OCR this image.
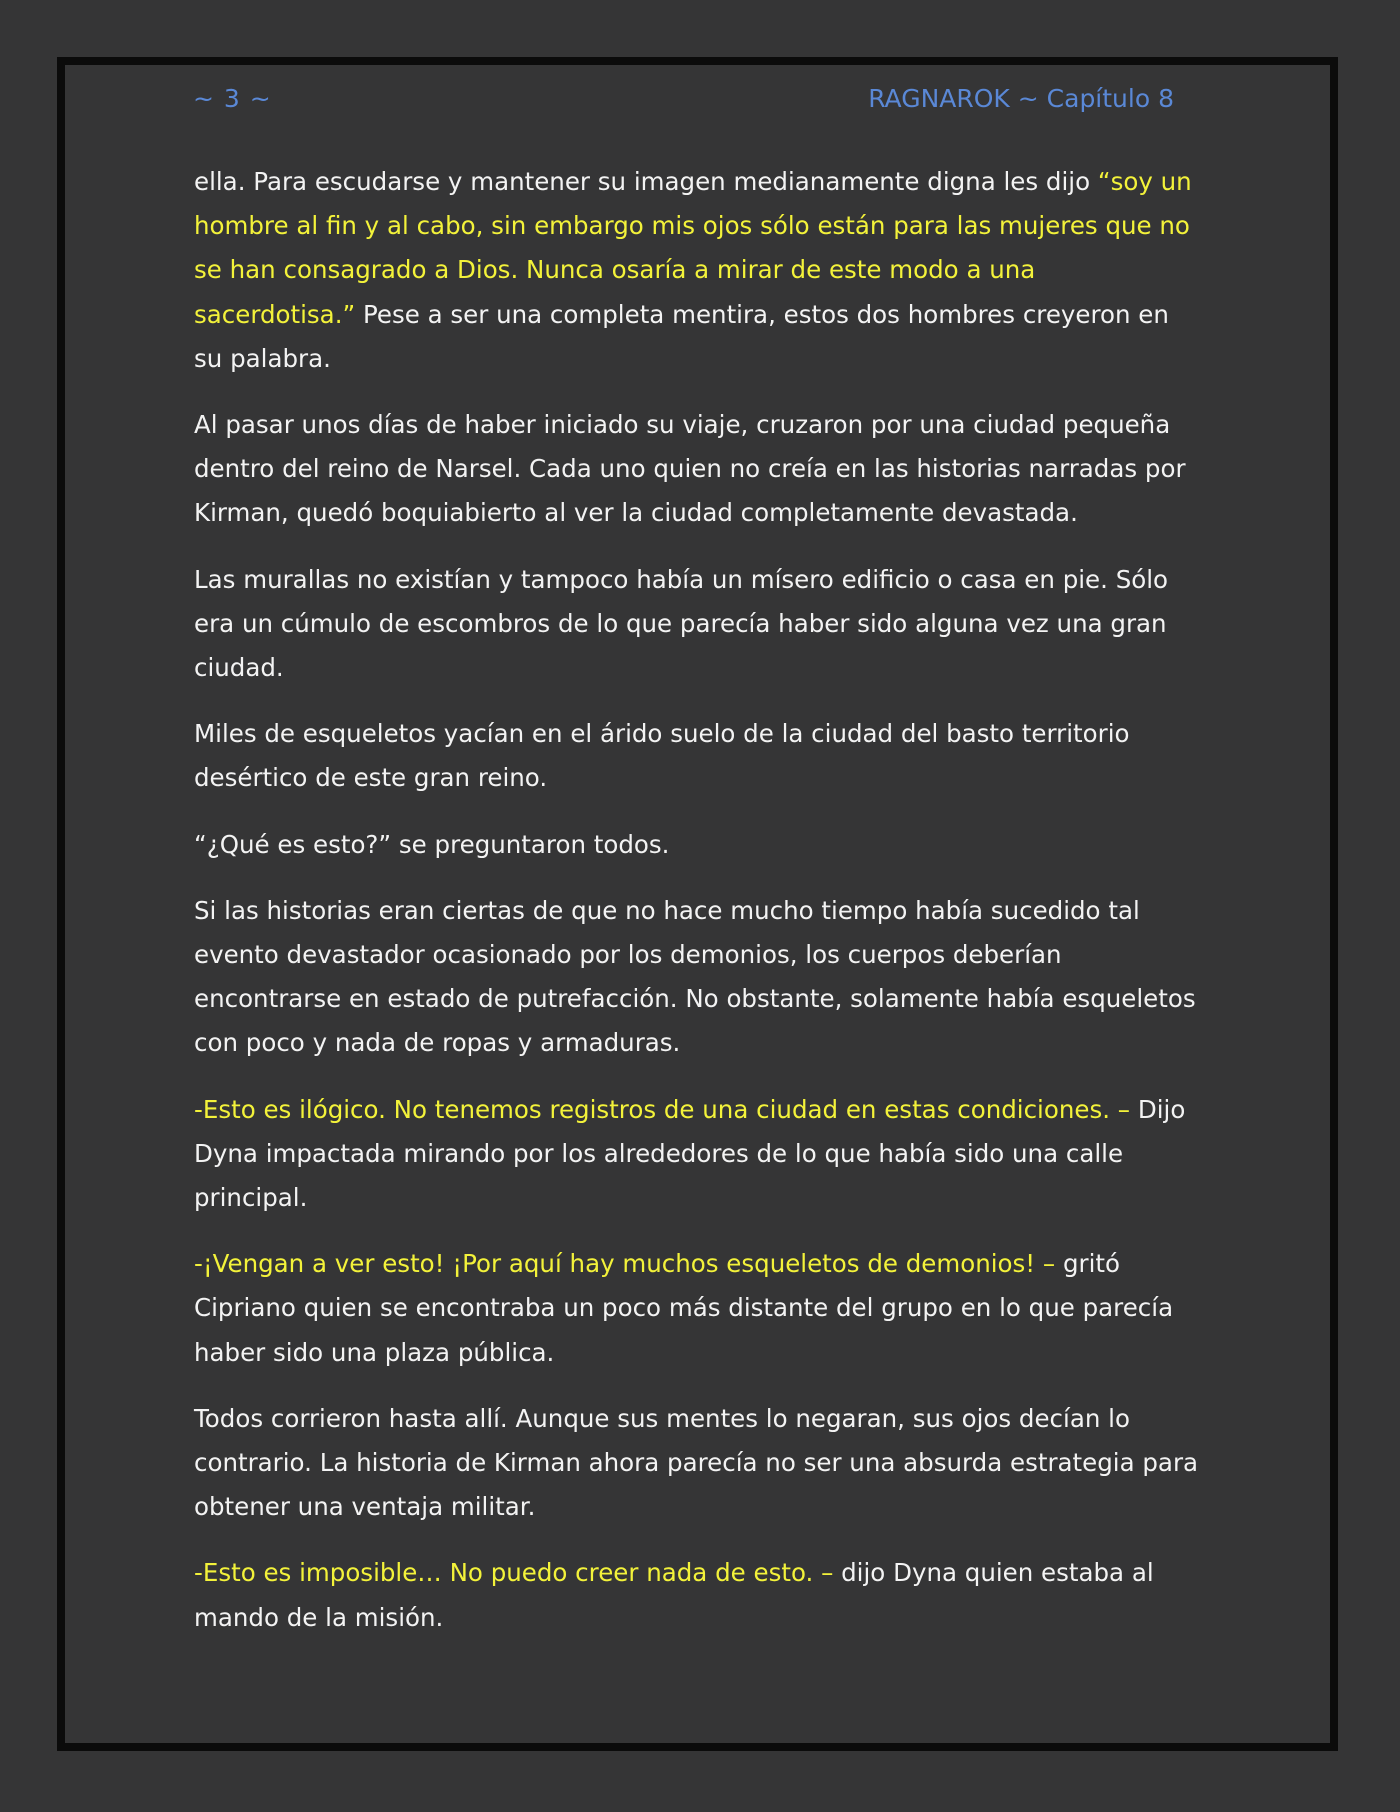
~ 3 ~	RAGNAROK ~ Capítulo 8

ella. Para escudarse y mantener su imagen medianamente digna les dijo “soy un hombre al fin y al cabo, sin embargo mis ojos sólo están para las mujeres que no se han consagrado a Dios. Nunca osaría a mirar de este modo a una sacerdotisa.” Pese a ser una completa mentira, estos dos hombres creyeron en su palabra.

Al pasar unos días de haber iniciado su viaje, cruzaron por una ciudad pequeña dentro del reino de Narsel. Cada uno quien no creía en las historias narradas por Kirman, quedó boquiabierto al ver la ciudad completamente devastada.

Las murallas no existían y tampoco había un mísero edificio o casa en pie. Sólo era un cúmulo de escombros de lo que parecía haber sido alguna vez una gran ciudad.

Miles de esqueletos yacían en el árido suelo de la ciudad del basto territorio desértico de este gran reino.

“¿Qué es esto?” se preguntaron todos.

Si las historias eran ciertas de que no hace mucho tiempo había sucedido tal evento devastador ocasionado por los demonios, los cuerpos deberían encontrarse en estado de putrefacción. No obstante, solamente había esqueletos con poco y nada de ropas y armaduras.

-Esto es ilógico. No tenemos registros de una ciudad en estas condiciones. – Dijo Dyna impactada mirando por los alrededores de lo que había sido una calle principal.

-¡Vengan a ver esto! ¡Por aquí hay muchos esqueletos de demonios! – gritó Cipriano quien se encontraba un poco más distante del grupo en lo que parecía haber sido una plaza pública.

Todos corrieron hasta allí. Aunque sus mentes lo negaran, sus ojos decían lo contrario. La historia de Kirman ahora parecía no ser una absurda estrategia para obtener una ventaja militar.

-Esto es imposible… No puedo creer nada de esto. – dijo Dyna quien estaba al mando de la misión.
